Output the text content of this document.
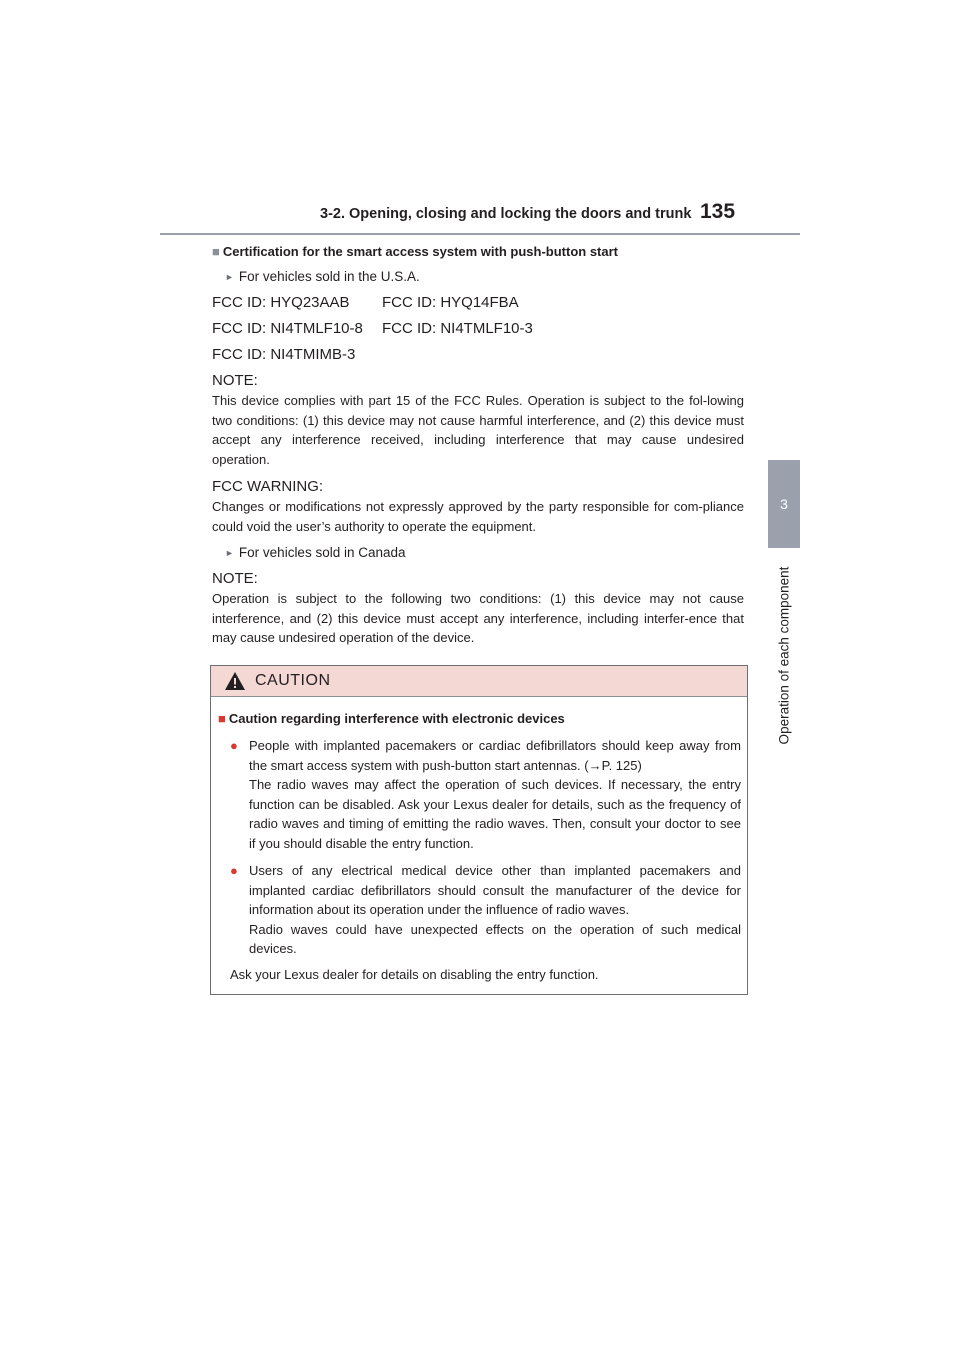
3-2. Opening, closing and locking the doors and trunk 135
3
Operation of each component
■ Certification for the smart access system with push-button start
► For vehicles sold in the U.S.A.
FCC ID: HYQ23AAB	FCC ID: HYQ14FBA
FCC ID: NI4TMLF10-8	FCC ID: NI4TMLF10-3
FCC ID: NI4TMIMB-3
NOTE:

This device complies with part 15 of the FCC Rules. Operation is subject to the fol-lowing two conditions: (1) this device may not cause harmful interference, and (2) this device must accept any interference received, including interference that may cause undesired operation.

FCC WARNING:

Changes or modifications not expressly approved by the party responsible for com-pliance could void the user’s authority to operate the equipment.

► For vehicles sold in Canada
NOTE:

Operation is subject to the following two conditions: (1) this device may not cause interference, and (2) this device must accept any interference, including interfer-ence that may cause undesired operation of the device.

CAUTION
■ Caution regarding interference with electronic devices
● People with implanted pacemakers or cardiac defibrillators should keep away from the smart access system with push-button start antennas. (→P. 125)

The radio waves may affect the operation of such devices. If necessary, the entry function can be disabled. Ask your Lexus dealer for details, such as the frequency of radio waves and timing of emitting the radio waves. Then, consult your doctor to see if you should disable the entry function.

● Users of any electrical medical device other than implanted pacemakers and implanted cardiac defibrillators should consult the manufacturer of the device for information about its operation under the influence of radio waves.

Radio waves could have unexpected effects on the operation of such medical devices.

Ask your Lexus dealer for details on disabling the entry function.
